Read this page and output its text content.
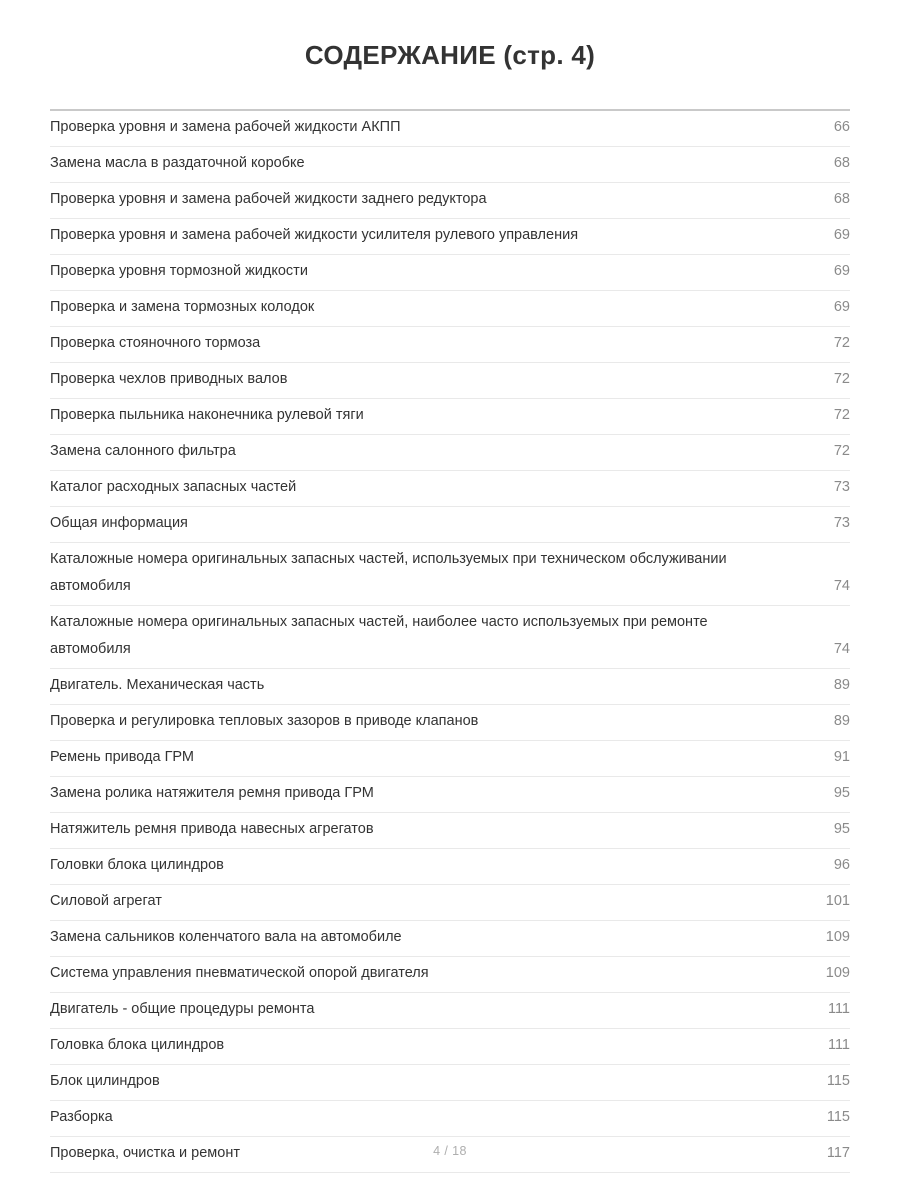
СОДЕРЖАНИЕ (стр. 4)
Проверка уровня и замена рабочей жидкости АКПП	66
Замена масла в раздаточной коробке	68
Проверка уровня и замена рабочей жидкости заднего редуктора	68
Проверка уровня и замена рабочей жидкости усилителя рулевого управления	69
Проверка уровня тормозной жидкости	69
Проверка и замена тормозных колодок	69
Проверка стояночного тормоза	72
Проверка чехлов приводных валов	72
Проверка пыльника наконечника рулевой тяги	72
Замена салонного фильтра	72
Каталог расходных запасных частей	73
Общая информация	73
Каталожные номера оригинальных запасных частей, используемых при техническом обслуживании автомобиля	74
Каталожные номера оригинальных запасных частей, наиболее часто используемых при ремонте автомобиля	74
Двигатель. Механическая часть	89
Проверка и регулировка тепловых зазоров в приводе клапанов	89
Ремень привода ГРМ	91
Замена ролика натяжителя ремня привода ГРМ	95
Натяжитель ремня привода навесных агрегатов	95
Головки блока цилиндров	96
Силовой агрегат	101
Замена сальников коленчатого вала на автомобиле	109
Система управления пневматической опорой двигателя	109
Двигатель - общие процедуры ремонта	111
Головка блока цилиндров	111
Блок цилиндров	115
Разборка	115
Проверка, очистка и ремонт	117
4 / 18
